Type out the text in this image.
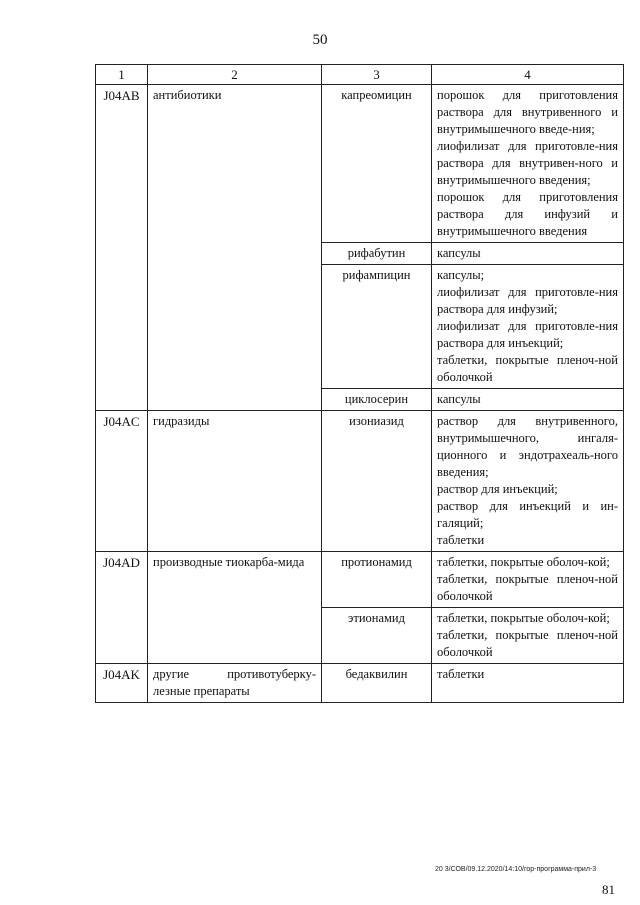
50
1	2	3	4
J04AB	антибиотики	капреомицин	порошок для приготовления раствора для внутривенного и внутримышечного введе-ния;
лиофилизат для приготовле-ния раствора для внутривен-ного и внутримышечного введения;
порошок для приготовления раствора для инфузий и внутримышечного введения

		рифабутин	капсулы

		рифампицин	капсулы;
лиофилизат для приготовле-ния раствора для инфузий;
лиофилизат для приготовле-ния раствора для инъекций;
таблетки, покрытые пленоч-ной оболочкой

		циклосерин	капсулы

J04AC	гидразиды	изониазид	раствор для внутривенного, внутримышечного, ингаля-ционного и эндотрахеаль-ного введения;
раствор для инъекций;
раствор для инъекций и ин-галяций;
таблетки

J04AD	производные тиокарба-мида	протионамид	таблетки, покрытые оболоч-кой;
таблетки, покрытые пленоч-ной оболочкой

		этионамид	таблетки, покрытые оболоч-кой;
таблетки, покрытые пленоч-ной оболочкой

J04AK	другие противотуберку-лезные препараты	бедаквилин	таблетки
20 3/СОВ/09.12.2020/14:10/гор-программа-прил-3
81
